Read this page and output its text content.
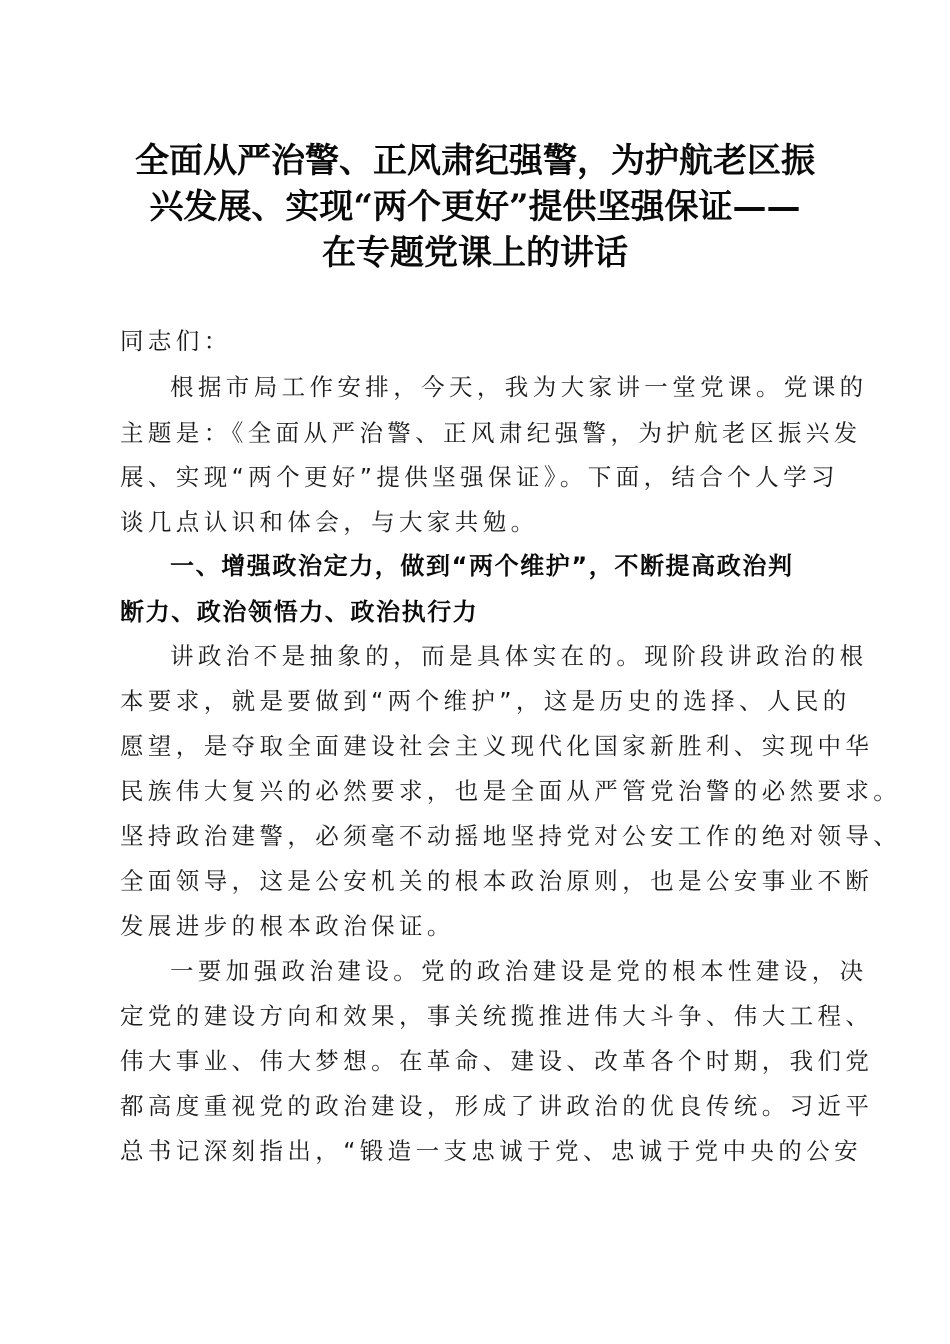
全面从严治警、正风肃纪强警，为护航老区振
兴发展、实现“两个更好”提供坚强保证——
在专题党课上的讲话
同志们：
根据市局工作安排，今天，我为大家讲一堂党课。党课的
主题是：《全面从严治警、正风肃纪强警，为护航老区振兴发
展、实现“两个更好”提供坚强保证》。下面，结合个人学习
谈几点认识和体会，与大家共勉。
一、增强政治定力，做到“两个维护”，不断提高政治判
断力、政治领悟力、政治执行力
讲政治不是抽象的，而是具体实在的。现阶段讲政治的根
本要求，就是要做到“两个维护”，这是历史的选择、人民的
愿望，是夺取全面建设社会主义现代化国家新胜利、实现中华
民族伟大复兴的必然要求，也是全面从严管党治警的必然要求。
坚持政治建警，必须毫不动摇地坚持党对公安工作的绝对领导、
全面领导，这是公安机关的根本政治原则，也是公安事业不断
发展进步的根本政治保证。
一要加强政治建设。党的政治建设是党的根本性建设，决
定党的建设方向和效果，事关统揽推进伟大斗争、伟大工程、
伟大事业、伟大梦想。在革命、建设、改革各个时期，我们党
都高度重视党的政治建设，形成了讲政治的优良传统。习近平
总书记深刻指出，“锻造一支忠诚于党、忠诚于党中央的公安
